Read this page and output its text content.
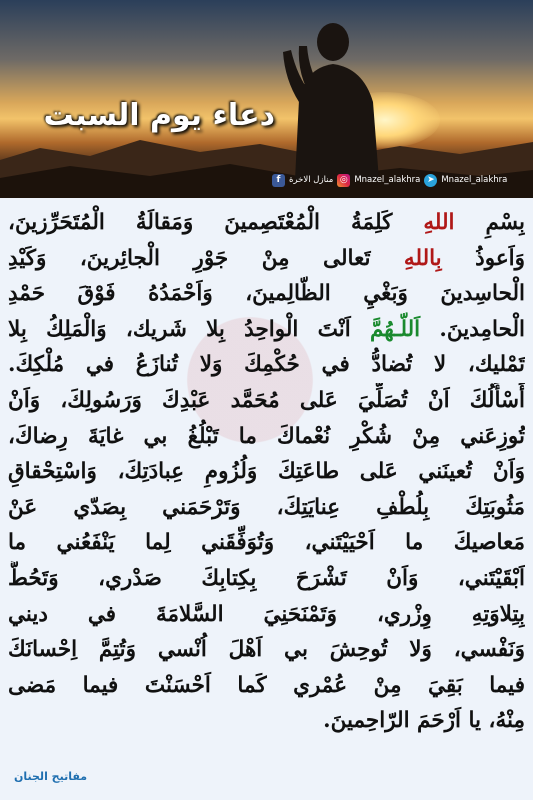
دعاء يوم السبت
f	منازل الاخرة ◎ Mnazel_alakhra ➤ Mnazel_alakhra
بِسْمِ اللهِ كَلِمَةُ الْمُعْتَصِمينَ وَمَقالَةُ الْمُتَحَرِّزينَ،
وَاَعوذُ بِاللهِ تَعالى مِنْ جَوْرِ الْجائِرينَ، وَكَيْدِ
الْحاسِدينَ وَبَغْيِ الظّالِمينَ، وَاَحْمَدُهُ فَوْقَ حَمْدِ
الْحامِدينَ. اَللّـهُمَّ اَنْتَ الْواحِدُ بِلا شَريك، وَالْمَلِكُ بِلا
تَمْليك، لا تُضادُّ في حُكْمِكَ وَلا تُنازَعُ في مُلْكِكَ.
أَسْأَلُكَ اَنْ تُصَلِّيَ عَلى مُحَمَّد عَبْدِكَ وَرَسُولِكَ، وَاَنْ
تُوزِعَني مِنْ شُكْرِ نُعْماكَ ما تَبْلُغُ بي غايَةَ رِضاكَ،
وَاَنْ تُعينَني عَلى طاعَتِكَ وَلُزُومِ عِبادَتِكَ، وَاسْتِحْقاقِ
مَثُوبَتِكَ بِلُطْفِ عِنايَتِكَ، وَتَرْحَمَني بِصَدّي عَنْ
مَعاصيكَ ما اَحْيَيْتَني، وَتُوَفِّقَني لِما يَنْفَعُني ما
اَبْقَيْتَني، وَاَنْ تَشْرَحَ بِكِتابِكَ صَدْري، وَتَحُطَّ
بِتِلاوَتِهِ وِزْري، وَتَمْنَحَنِيَ السَّلامَةَ في ديني
وَنَفْسي، وَلا تُوحِشَ بي اَهْلَ اُنْسي وَتُتِمَّ اِحْسانَكَ
فيما بَقِيَ مِنْ عُمْري كَما اَحْسَنْتَ فيما مَضى
مِنْهُ، يا اَرْحَمَ الرّاحِمينَ.
مفاتيح الجنان
